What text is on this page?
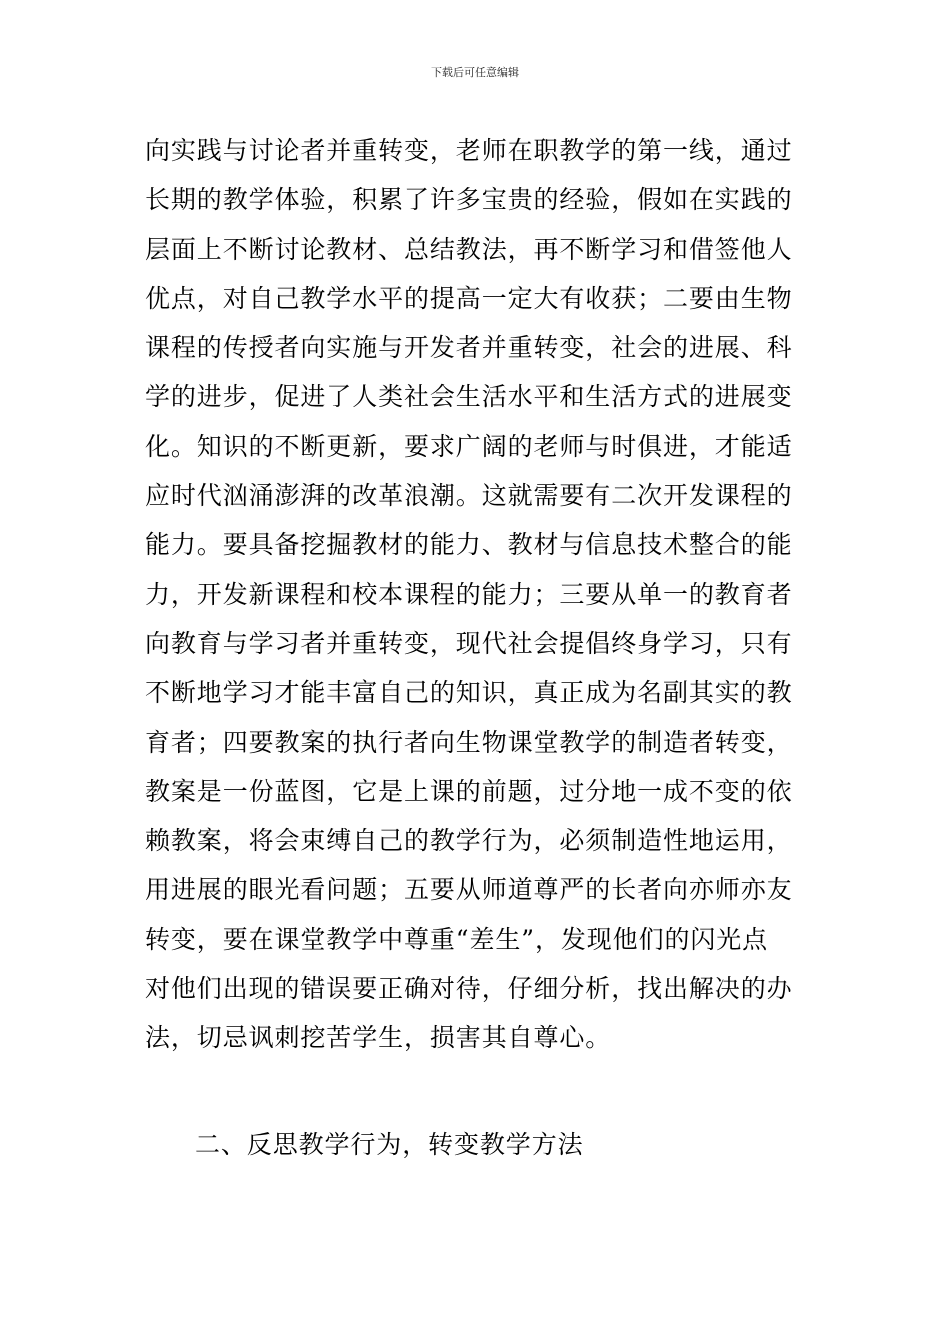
下载后可任意编辑
向实践与讨论者并重转变，老师在职教学的第一线，通过
长期的教学体验，积累了许多宝贵的经验，假如在实践的
层面上不断讨论教材、总结教法，再不断学习和借签他人
优点，对自己教学水平的提高一定大有收获；二要由生物
课程的传授者向实施与开发者并重转变，社会的进展、科
学的进步，促进了人类社会生活水平和生活方式的进展变
化。知识的不断更新，要求广阔的老师与时俱进，才能适
应时代汹涌澎湃的改革浪潮。这就需要有二次开发课程的
能力。要具备挖掘教材的能力、教材与信息技术整合的能
力，开发新课程和校本课程的能力；三要从单一的教育者
向教育与学习者并重转变，现代社会提倡终身学习，只有
不断地学习才能丰富自己的知识，真正成为名副其实的教
育者；四要教案的执行者向生物课堂教学的制造者转变，
教案是一份蓝图，它是上课的前题，过分地一成不变的依
赖教案，将会束缚自己的教学行为，必须制造性地运用，
用进展的眼光看问题；五要从师道尊严的长者向亦师亦友
转变，要在课堂教学中尊重“差生”，发现他们的闪光点
对他们出现的错误要正确对待，仔细分析，找出解决的办
法，切忌讽刺挖苦学生，损害其自尊心。
二、反思教学行为，转变教学方法
